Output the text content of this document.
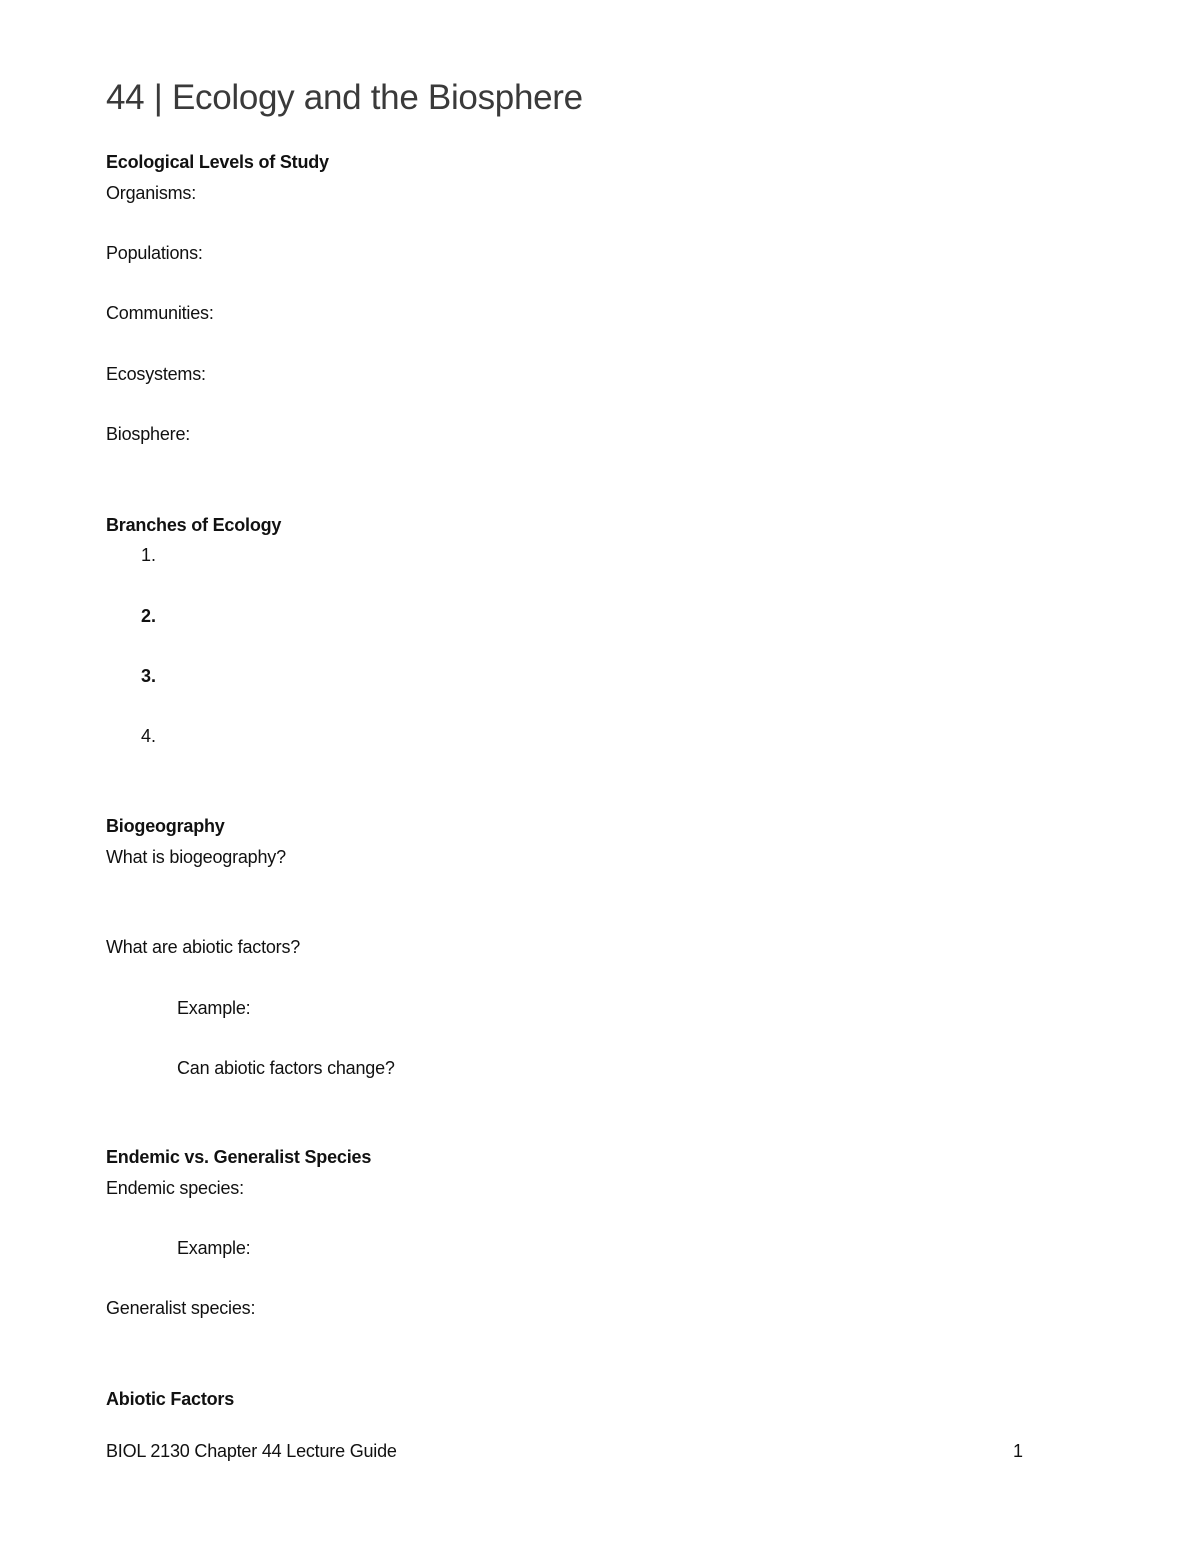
44 | Ecology and the Biosphere
Ecological Levels of Study
Organisms:
Populations:
Communities:
Ecosystems:
Biosphere:
Branches of Ecology
1.
2.
3.
4.
Biogeography
What is biogeography?
What are abiotic factors?
Example:
Can abiotic factors change?
Endemic vs. Generalist Species
Endemic species:
Example:
Generalist species:
Abiotic Factors
BIOL 2130 Chapter 44 Lecture Guide	1
